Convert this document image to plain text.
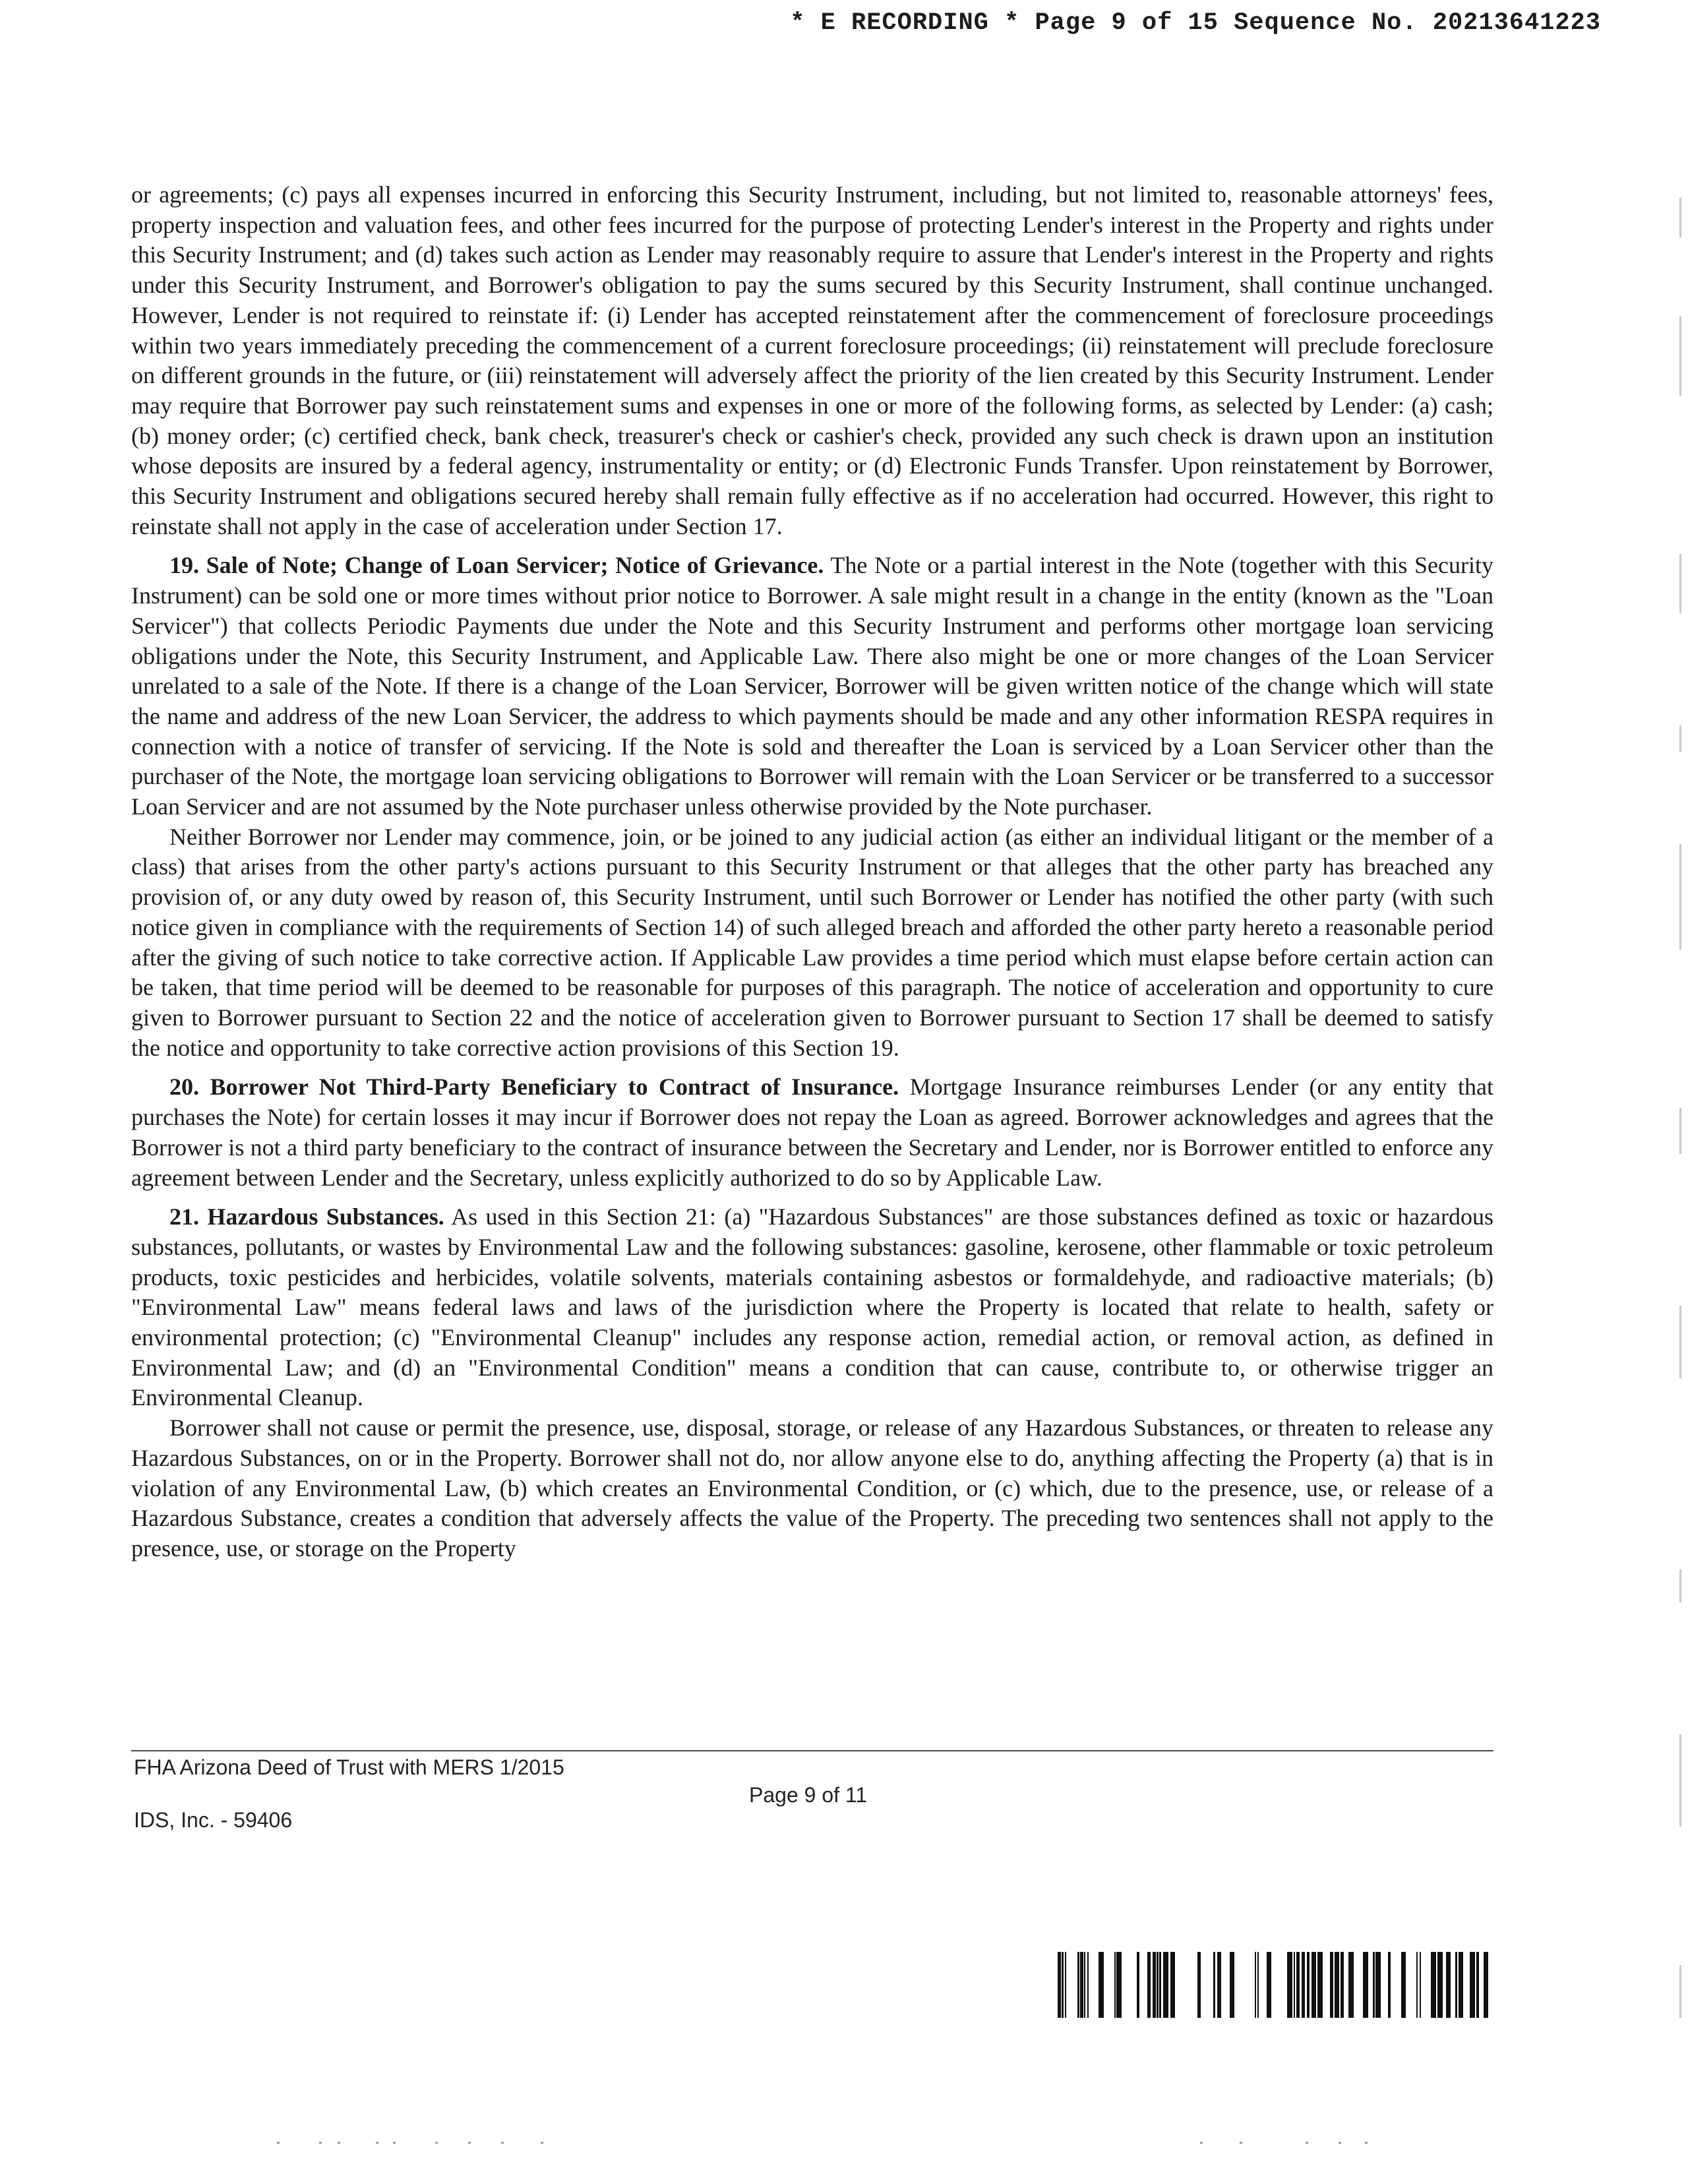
* E RECORDING * Page 9 of 15 Sequence No. 20213641223

or agreements; (c) pays all expenses incurred in enforcing this Security Instrument, including, but not limited to, reasonable attorneys' fees, property inspection and valuation fees, and other fees incurred for the purpose of protecting Lender's interest in the Property and rights under this Security Instrument; and (d) takes such action as Lender may reasonably require to assure that Lender's interest in the Property and rights under this Security Instrument, and Borrower's obligation to pay the sums secured by this Security Instrument, shall continue unchanged. However, Lender is not required to reinstate if: (i) Lender has accepted reinstatement after the commencement of foreclosure proceedings within two years immediately preceding the commencement of a current foreclosure proceedings; (ii) reinstatement will preclude foreclosure on different grounds in the future, or (iii) reinstatement will adversely affect the priority of the lien created by this Security Instrument. Lender may require that Borrower pay such reinstatement sums and expenses in one or more of the following forms, as selected by Lender: (a) cash; (b) money order; (c) certified check, bank check, treasurer's check or cashier's check, provided any such check is drawn upon an institution whose deposits are insured by a federal agency, instrumentality or entity; or (d) Electronic Funds Transfer. Upon reinstatement by Borrower, this Security Instrument and obligations secured hereby shall remain fully effective as if no acceleration had occurred. However, this right to reinstate shall not apply in the case of acceleration under Section 17.

19. Sale of Note; Change of Loan Servicer; Notice of Grievance. The Note or a partial interest in the Note (together with this Security Instrument) can be sold one or more times without prior notice to Borrower. A sale might result in a change in the entity (known as the "Loan Servicer") that collects Periodic Payments due under the Note and this Security Instrument and performs other mortgage loan servicing obligations under the Note, this Security Instrument, and Applicable Law. There also might be one or more changes of the Loan Servicer unrelated to a sale of the Note. If there is a change of the Loan Servicer, Borrower will be given written notice of the change which will state the name and address of the new Loan Servicer, the address to which payments should be made and any other information RESPA requires in connection with a notice of transfer of servicing. If the Note is sold and thereafter the Loan is serviced by a Loan Servicer other than the purchaser of the Note, the mortgage loan servicing obligations to Borrower will remain with the Loan Servicer or be transferred to a successor Loan Servicer and are not assumed by the Note purchaser unless otherwise provided by the Note purchaser.

Neither Borrower nor Lender may commence, join, or be joined to any judicial action (as either an individual litigant or the member of a class) that arises from the other party's actions pursuant to this Security Instrument or that alleges that the other party has breached any provision of, or any duty owed by reason of, this Security Instrument, until such Borrower or Lender has notified the other party (with such notice given in compliance with the requirements of Section 14) of such alleged breach and afforded the other party hereto a reasonable period after the giving of such notice to take corrective action. If Applicable Law provides a time period which must elapse before certain action can be taken, that time period will be deemed to be reasonable for purposes of this paragraph. The notice of acceleration and opportunity to cure given to Borrower pursuant to Section 22 and the notice of acceleration given to Borrower pursuant to Section 17 shall be deemed to satisfy the notice and opportunity to take corrective action provisions of this Section 19.

20. Borrower Not Third-Party Beneficiary to Contract of Insurance. Mortgage Insurance reimburses Lender (or any entity that purchases the Note) for certain losses it may incur if Borrower does not repay the Loan as agreed. Borrower acknowledges and agrees that the Borrower is not a third party beneficiary to the contract of insurance between the Secretary and Lender, nor is Borrower entitled to enforce any agreement between Lender and the Secretary, unless explicitly authorized to do so by Applicable Law.

21. Hazardous Substances. As used in this Section 21: (a) "Hazardous Substances" are those substances defined as toxic or hazardous substances, pollutants, or wastes by Environmental Law and the following substances: gasoline, kerosene, other flammable or toxic petroleum products, toxic pesticides and herbicides, volatile solvents, materials containing asbestos or formaldehyde, and radioactive materials; (b) "Environmental Law" means federal laws and laws of the jurisdiction where the Property is located that relate to health, safety or environmental protection; (c) "Environmental Cleanup" includes any response action, remedial action, or removal action, as defined in Environmental Law; and (d) an "Environmental Condition" means a condition that can cause, contribute to, or otherwise trigger an Environmental Cleanup.

Borrower shall not cause or permit the presence, use, disposal, storage, or release of any Hazardous Substances, or threaten to release any Hazardous Substances, on or in the Property. Borrower shall not do, nor allow anyone else to do, anything affecting the Property (a) that is in violation of any Environmental Law, (b) which creates an Environmental Condition, or (c) which, due to the presence, use, or release of a Hazardous Substance, creates a condition that adversely affects the value of the Property. The preceding two sentences shall not apply to the presence, use, or storage on the Property

FHA Arizona Deed of Trust with MERS 1/2015
Page 9 of 11
IDS, Inc. - 59406
